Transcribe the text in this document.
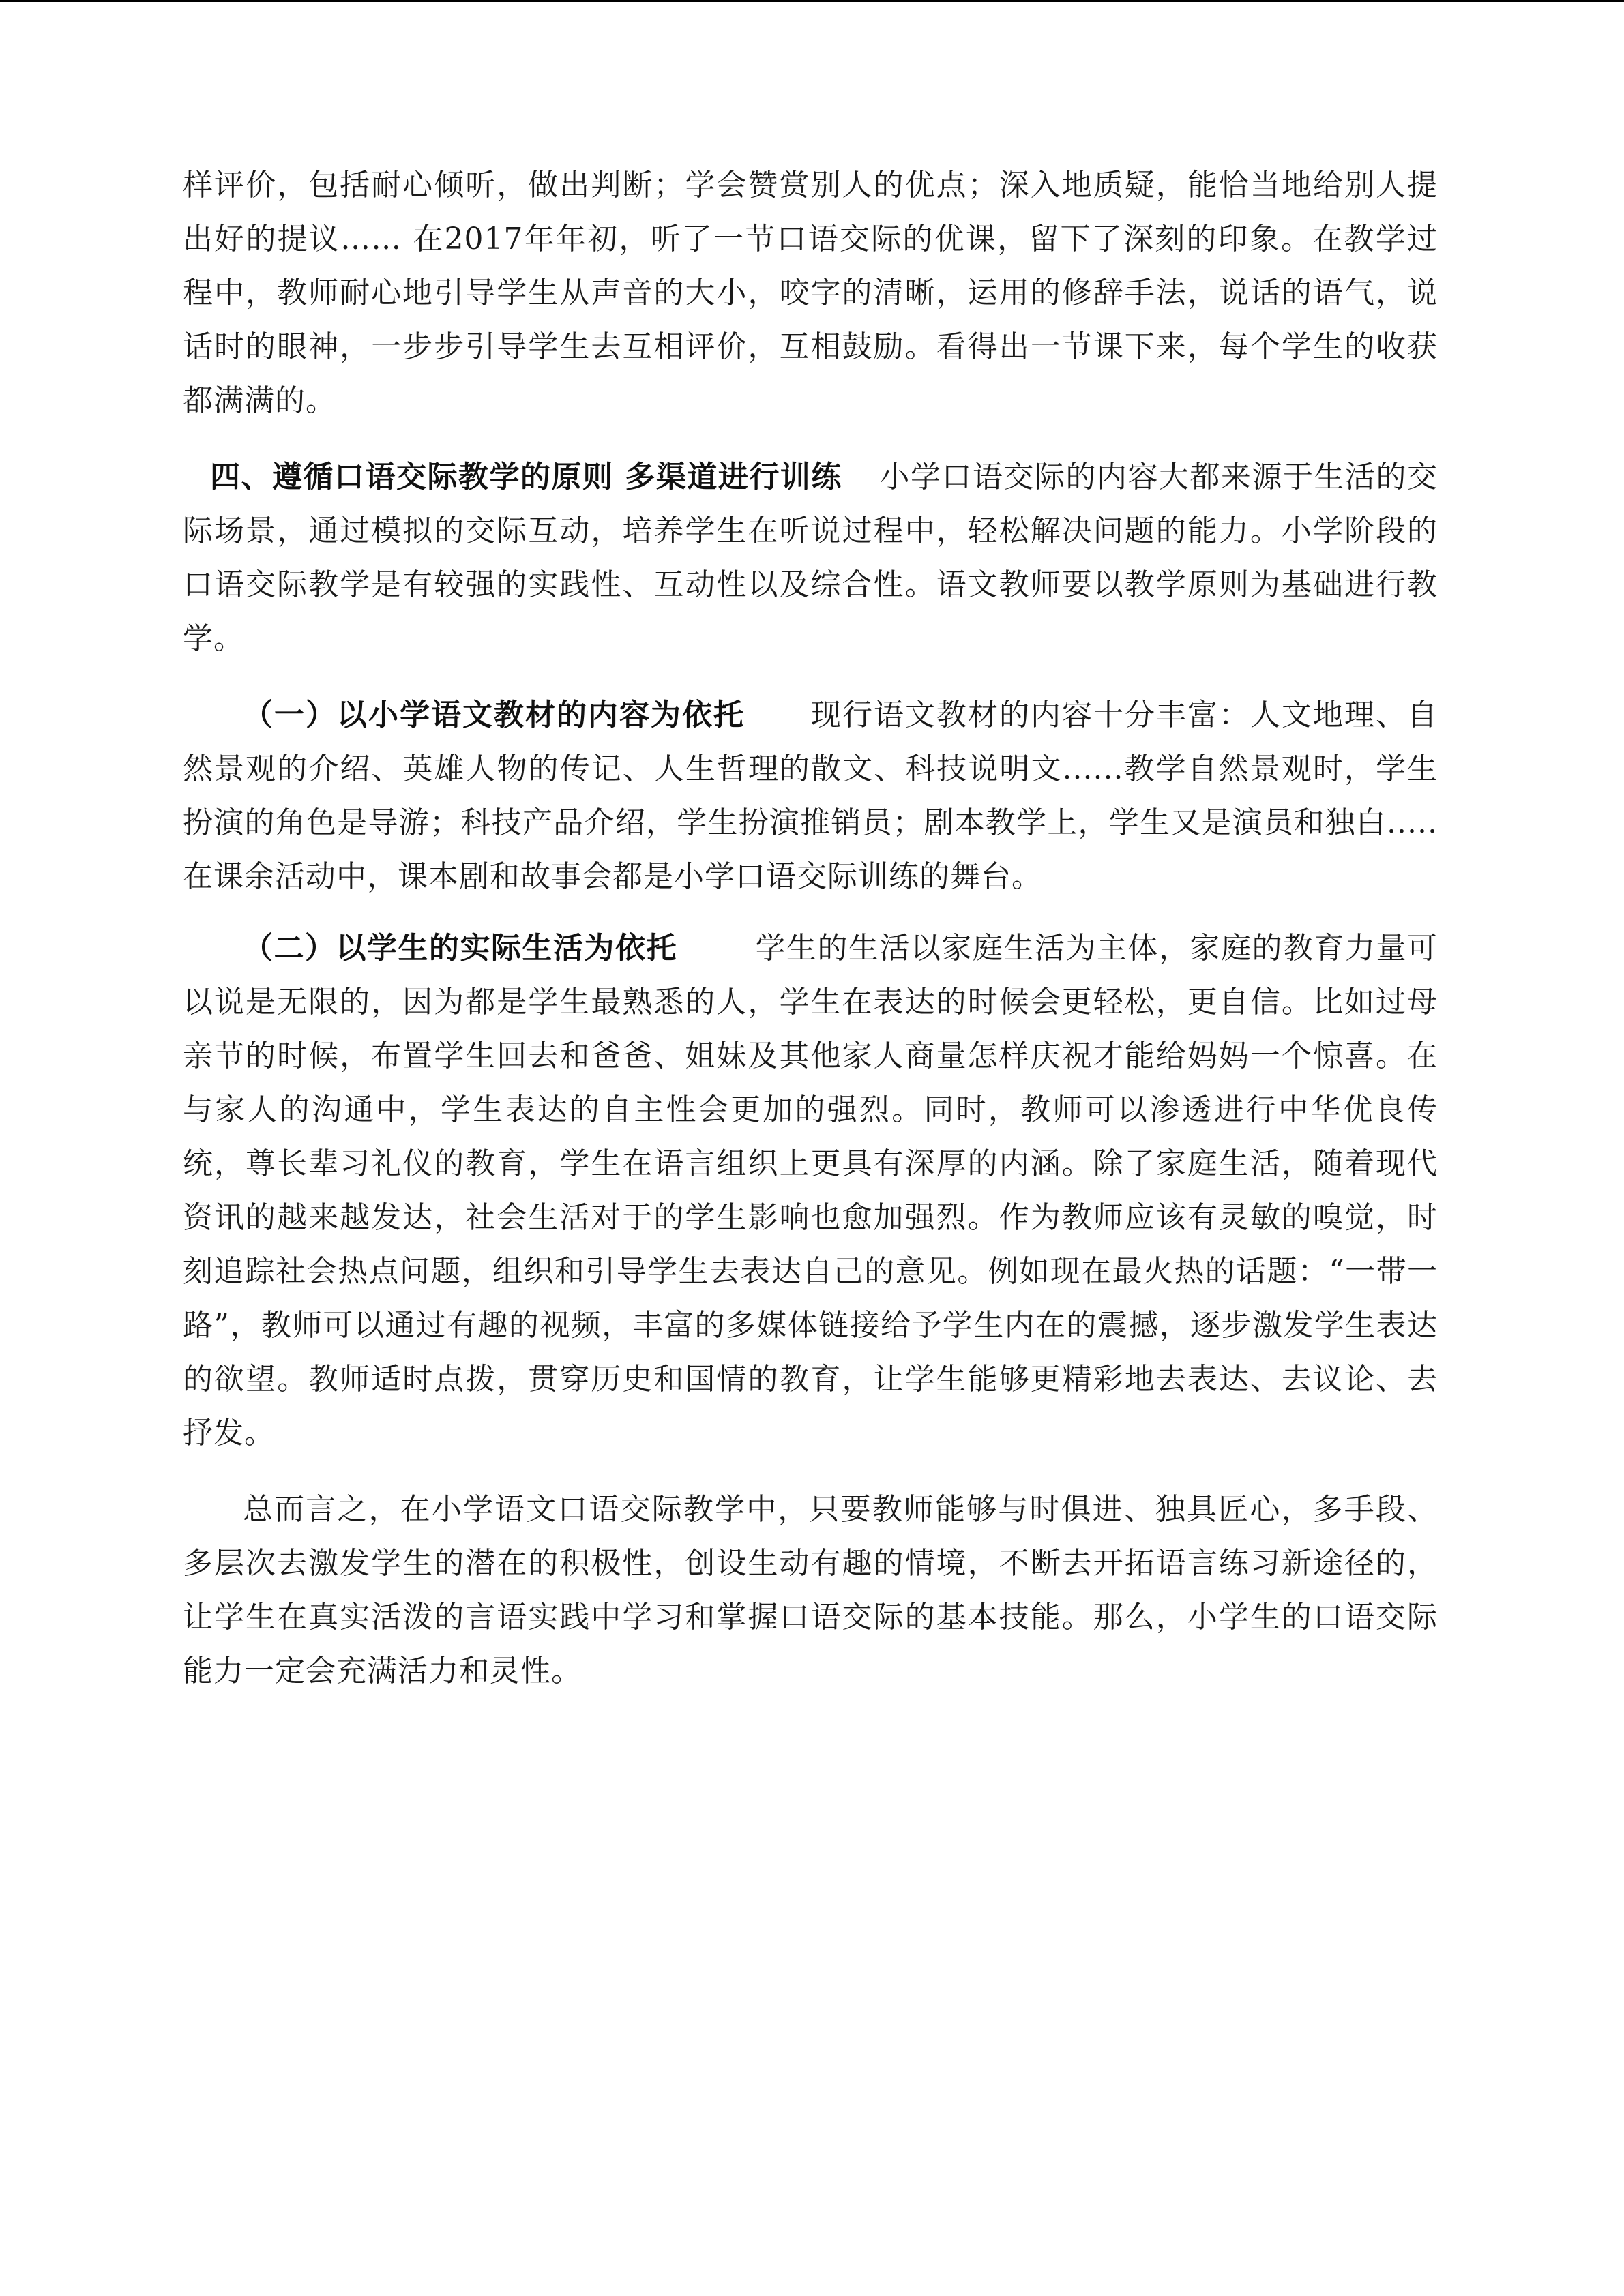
样评价，包括耐心倾听，做出判断；学会赞赏别人的优点；深入地质疑，能恰当地给别人提出好的提议…… 在2017年年初，听了一节口语交际的优课，留下了深刻的印象。在教学过程中，教师耐心地引导学生从声音的大小，咬字的清晰，运用的修辞手法，说话的语气，说话时的眼神，一步步引导学生去互相评价，互相鼓励。看得出一节课下来，每个学生的收获都满满的。

四、遵循口语交际教学的原则 多渠道进行训练 小学口语交际的内容大都来源于生活的交际场景，通过模拟的交际互动，培养学生在听说过程中，轻松解决问题的能力。小学阶段的口语交际教学是有较强的实践性、互动性以及综合性。语文教师要以教学原则为基础进行教学。

（一）以小学语文教材的内容为依托 现行语文教材的内容十分丰富：人文地理、自然景观的介绍、英雄人物的传记、人生哲理的散文、科技说明文......教学自然景观时，学生扮演的角色是导游；科技产品介绍，学生扮演推销员；剧本教学上，学生又是演员和独白.....在课余活动中，课本剧和故事会都是小学口语交际训练的舞台。

（二）以学生的实际生活为依托	学生的生活以家庭生活为主体，家庭的教育力量可以说是无限的，因为都是学生最熟悉的人，学生在表达的时候会更轻松，更自信。比如过母亲节的时候，布置学生回去和爸爸、姐妹及其他家人商量怎样庆祝才能给妈妈一个惊喜。在与家人的沟通中，学生表达的自主性会更加的强烈。同时，教师可以渗透进行中华优良传统，尊长辈习礼仪的教育，学生在语言组织上更具有深厚的内涵。除了家庭生活，随着现代资讯的越来越发达，社会生活对于的学生影响也愈加强烈。作为教师应该有灵敏的嗅觉，时刻追踪社会热点问题，组织和引导学生去表达自己的意见。例如现在最火热的话题：“一带一路”，教师可以通过有趣的视频，丰富的多媒体链接给予学生内在的震撼，逐步激发学生表达的欲望。教师适时点拨，贯穿历史和国情的教育，让学生能够更精彩地去表达、去议论、去抒发。

总而言之，在小学语文口语交际教学中，只要教师能够与时俱进、独具匠心，多手段、多层次去激发学生的潜在的积极性，创设生动有趣的情境，不断去开拓语言练习新途径的，让学生在真实活泼的言语实践中学习和掌握口语交际的基本技能。那么，小学生的口语交际能力一定会充满活力和灵性。
